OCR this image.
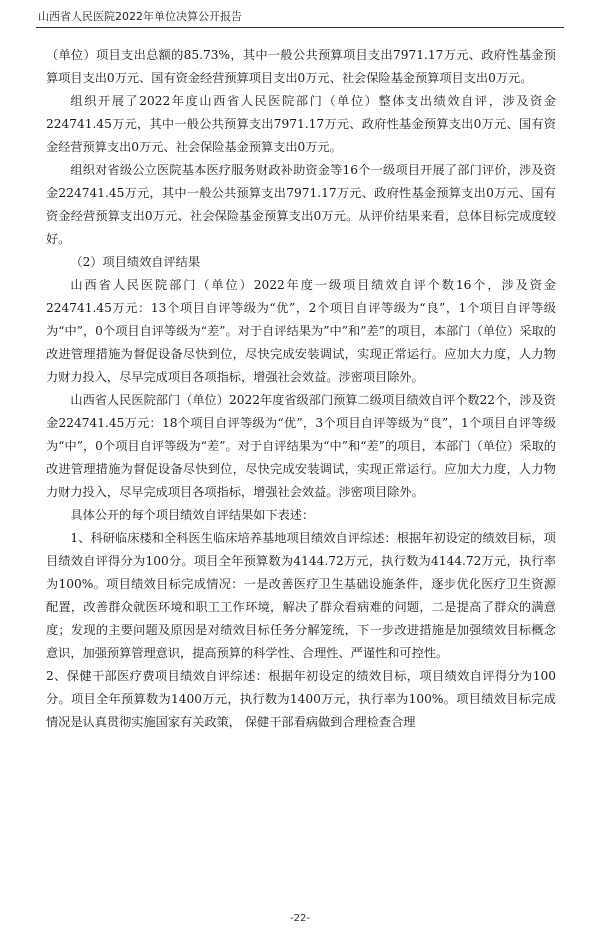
山西省人民医院2022年单位决算公开报告

（单位）项目支出总额的85.73%，其中一般公共预算项目支出7971.17万元、政府性基金预算项目支出0万元、国有资金经营预算项目支出0万元、社会保险基金预算项目支出0万元。

组织开展了2022年度山西省人民医院部门（单位）整体支出绩效自评，涉及资金224741.45万元，其中一般公共预算支出7971.17万元、政府性基金预算支出0万元、国有资金经营预算支出0万元、社会保险基金预算支出0万元。

组织对省级公立医院基本医疗服务财政补助资金等16个一级项目开展了部门评价，涉及资金224741.45万元，其中一般公共预算支出7971.17万元、政府性基金预算支出0万元、国有资金经营预算支出0万元、社会保险基金预算支出0万元。从评价结果来看，总体目标完成度较好。

（2）项目绩效自评结果

山西省人民医院部门（单位）2022年度一级项目绩效自评个数16个，涉及资金224741.45万元：13个项目自评等级为“优”，2个项目自评等级为“良”，1个项目自评等级为“中”，0个项目自评等级为“差”。对于自评结果为”中”和”差”的项目，本部门（单位）采取的改进管理措施为督促设备尽快到位，尽快完成安装调试，实现正常运行。应加大力度，人力物力财力投入，尽早完成项目各项指标，增强社会效益。涉密项目除外。

山西省人民医院部门（单位）2022年度省级部门预算二级项目绩效自评个数22个，涉及资金224741.45万元：18个项目自评等级为“优”，3个项目自评等级为“良”，1个项目自评等级为“中”，0个项目自评等级为“差”。对于自评结果为“中”和“差”的项目，本部门（单位）采取的改进管理措施为督促设备尽快到位，尽快完成安装调试，实现正常运行。应加大力度，人力物力财力投入，尽早完成项目各项指标，增强社会效益。涉密项目除外。

具体公开的每个项目绩效自评结果如下表述：

1、科研临床楼和全科医生临床培养基地项目绩效自评综述：根据年初设定的绩效目标，项目绩效自评得分为100分。项目全年预算数为4144.72万元，执行数为4144.72万元，执行率为100%。项目绩效目标完成情况：一是改善医疗卫生基础设施条件，逐步优化医疗卫生资源配置，改善群众就医环境和职工工作环境，解决了群众看病难的问题，二是提高了群众的满意度；发现的主要问题及原因是对绩效目标任务分解笼统，下一步改进措施是加强绩效目标概念意识，加强预算管理意识，提高预算的科学性、合理性、严谨性和可控性。

2、保健干部医疗费项目绩效自评综述：根据年初设定的绩效目标，项目绩效自评得分为100分。项目全年预算数为1400万元，执行数为1400万元，执行率为100%。项目绩效目标完成情况是认真贯彻实施国家有关政策， 保健干部看病做到合理检查合理

-22-
